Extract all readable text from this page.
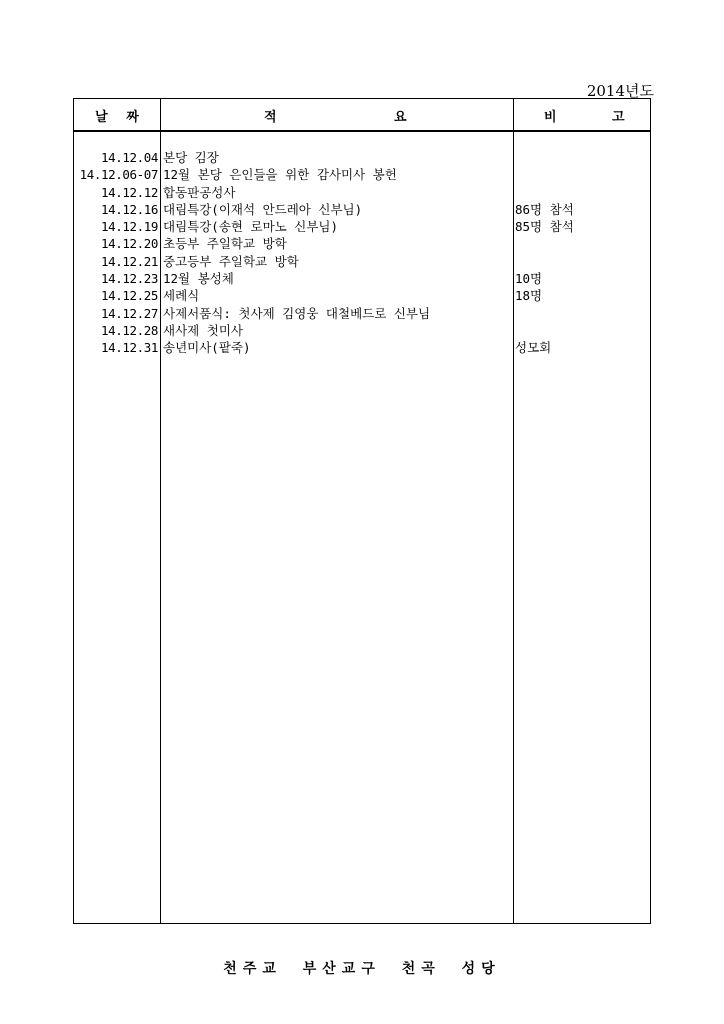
2014년도
날 짜	적	요	비	고
14.12.04 본당 김장
14.12.06-07 12월 본당 은인들을 위한 감사미사 봉헌
14.12.12 합동판공성사
14.12.16 대림특강(이재석 안드레아 신부님)	86명 참석
14.12.19 대림특강(송현 로마노 신부님)	85명 참석
14.12.20 초등부 주일학교 방학
14.12.21 중고등부 주일학교 방학
14.12.23 12월 봉성체	10명
14.12.25 세례식	18명
14.12.27 사제서품식: 첫사제 김영웅 대철베드로 신부님
14.12.28 새사제 첫미사
14.12.31 송년미사(팥죽)	성모회
천주교 부산교구 천곡 성당
